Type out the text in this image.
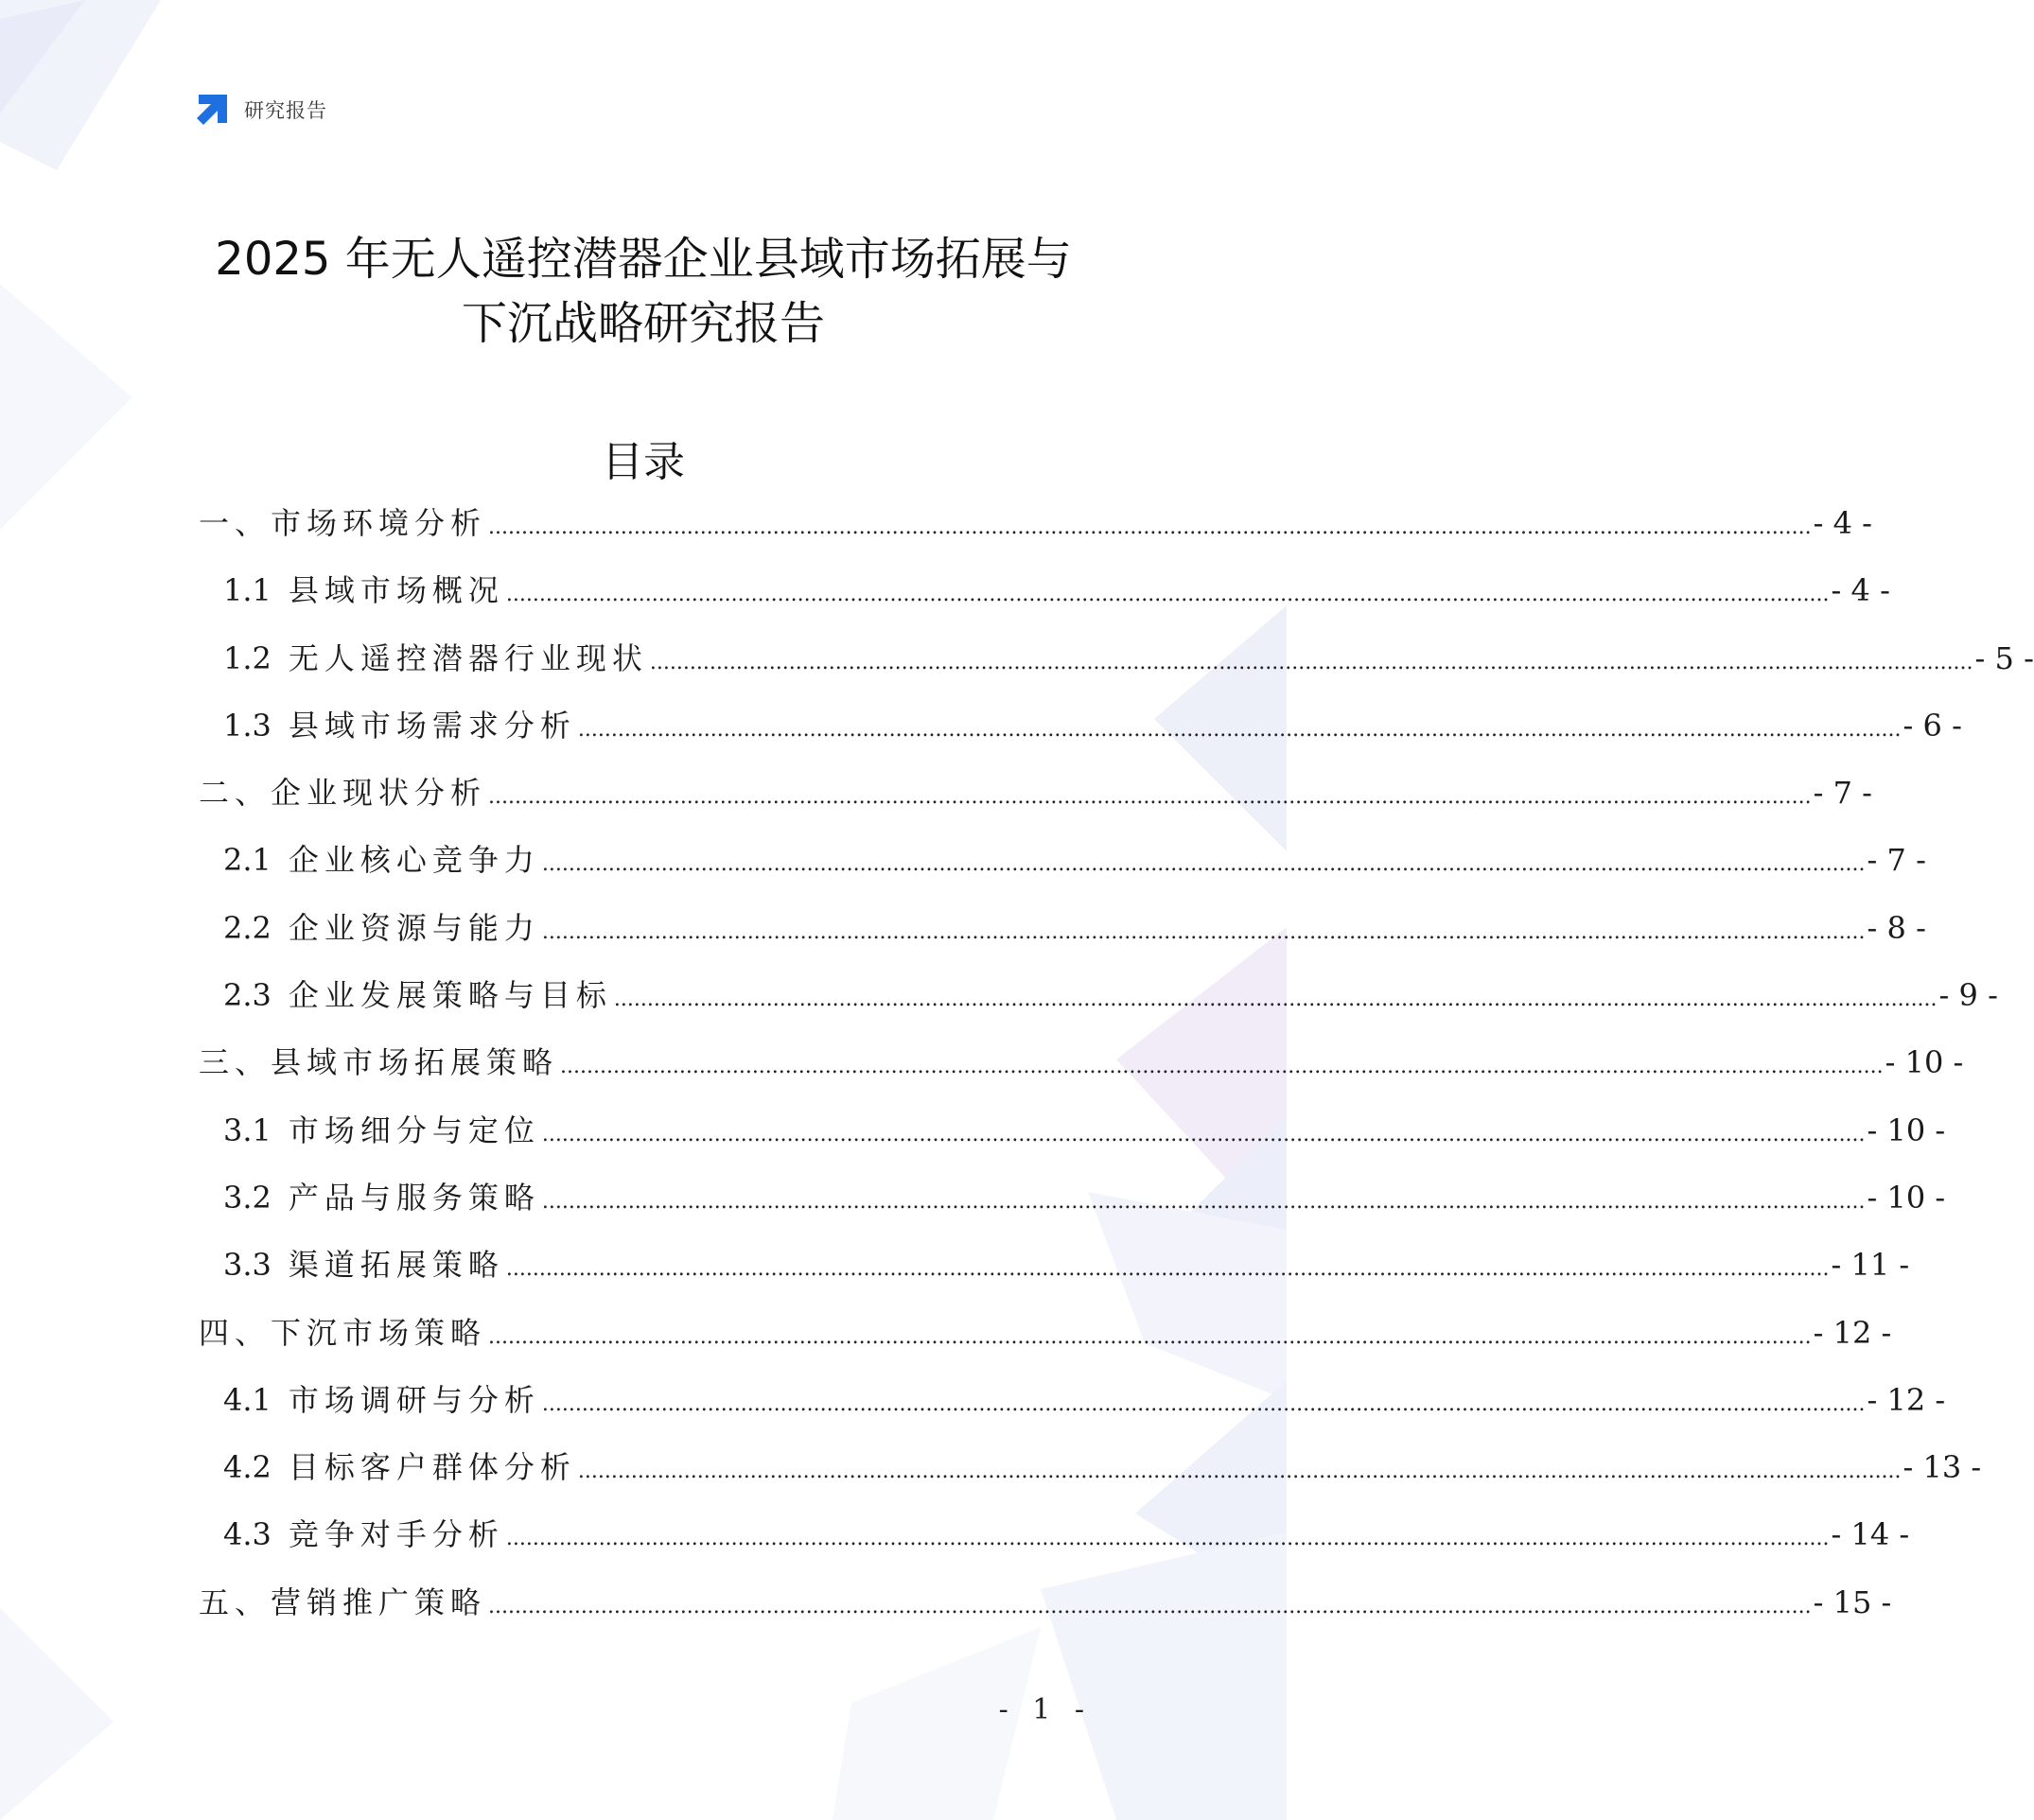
研究报告
2025 年无人遥控潜器企业县域市场拓展与
下沉战略研究报告
目录
一、市场环境分析 ........................................................................................................................................................................................................ - 4 -
1.1 县域市场概况 ........................................................................................................................................................................................................ - 4 -
1.2 无人遥控潜器行业现状 ........................................................................................................................................................................................................ - 5 -
1.3 县域市场需求分析 ........................................................................................................................................................................................................ - 6 -
二、企业现状分析 ........................................................................................................................................................................................................ - 7 -
2.1 企业核心竞争力 ........................................................................................................................................................................................................ - 7 -
2.2 企业资源与能力 ........................................................................................................................................................................................................ - 8 -
2.3 企业发展策略与目标 ........................................................................................................................................................................................................ - 9 -
三、县域市场拓展策略 ........................................................................................................................................................................................................ - 10 -
3.1 市场细分与定位 ........................................................................................................................................................................................................ - 10 -
3.2 产品与服务策略 ........................................................................................................................................................................................................ - 10 -
3.3 渠道拓展策略 ........................................................................................................................................................................................................ - 11 -
四、下沉市场策略 ........................................................................................................................................................................................................ - 12 -
4.1 市场调研与分析 ........................................................................................................................................................................................................ - 12 -
4.2 目标客户群体分析 ........................................................................................................................................................................................................ - 13 -
4.3 竞争对手分析 ........................................................................................................................................................................................................ - 14 -
五、营销推广策略 ........................................................................................................................................................................................................ - 15 -
- 1 -
